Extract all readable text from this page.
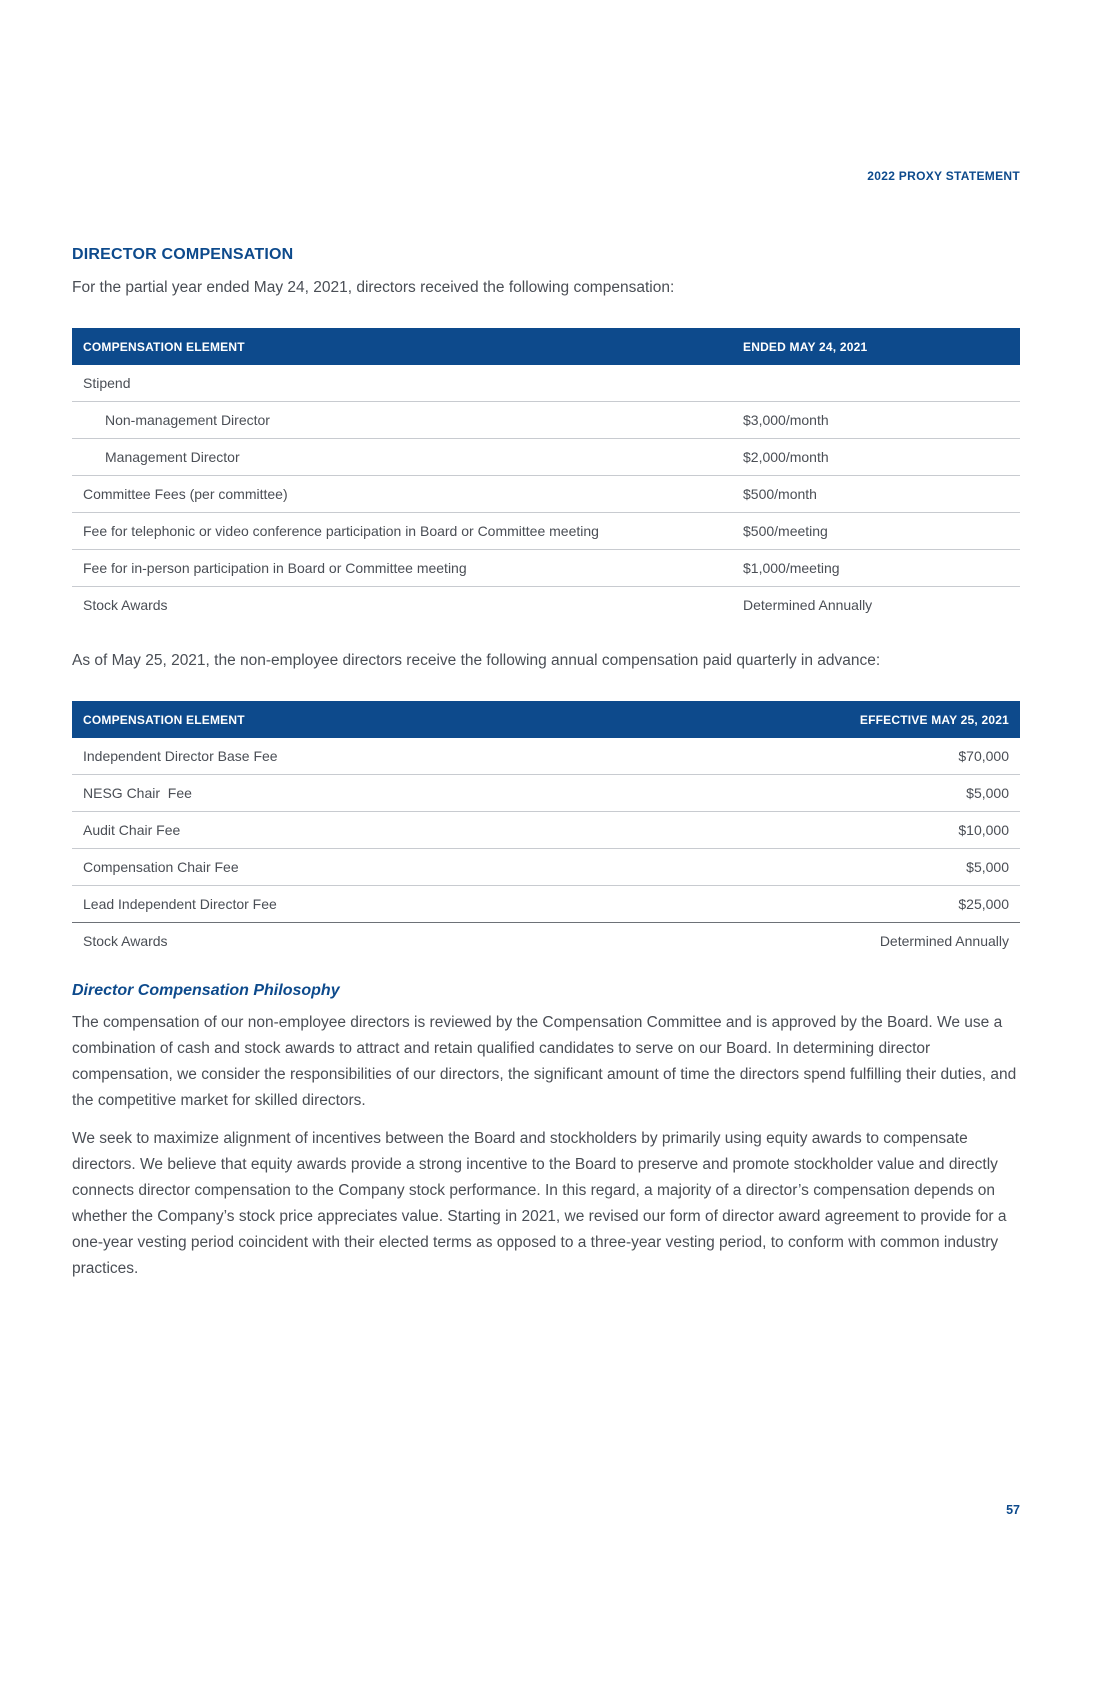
2022 PROXY STATEMENT
DIRECTOR COMPENSATION

For the partial year ended May 24, 2021, directors received the following compensation:

COMPENSATION ELEMENT	ENDED MAY 24, 2021
Stipend	
Non-management Director	$3,000/month
Management Director	$2,000/month
Committee Fees (per committee)	$500/month
Fee for telephonic or video conference participation in Board or Committee meeting	$500/meeting
Fee for in-person participation in Board or Committee meeting	$1,000/meeting
Stock Awards	Determined Annually

As of May 25, 2021, the non-employee directors receive the following annual compensation paid quarterly in advance:

COMPENSATION ELEMENT	EFFECTIVE MAY 25, 2021
Independent Director Base Fee	$70,000
NESG Chair  Fee	$5,000
Audit Chair Fee	$10,000
Compensation Chair Fee	$5,000
Lead Independent Director Fee	$25,000
Stock Awards	Determined Annually
Director Compensation Philosophy

The compensation of our non-employee directors is reviewed by the Compensation Committee and is approved by the Board. We use a combination of cash and stock awards to attract and retain qualified candidates to serve on our Board. In determining director compensation, we consider the responsibilities of our directors, the significant amount of time the directors spend fulfilling their duties, and the competitive market for skilled directors.

We seek to maximize alignment of incentives between the Board and stockholders by primarily using equity awards to compensate directors. We believe that equity awards provide a strong incentive to the Board to preserve and promote stockholder value and directly connects director compensation to the Company stock performance. In this regard, a majority of a director’s compensation depends on whether the Company’s stock price appreciates value. Starting in 2021, we revised our form of director award agreement to provide for a one-year vesting period coincident with their elected terms as opposed to a three-year vesting period, to conform with common industry practices.

57
